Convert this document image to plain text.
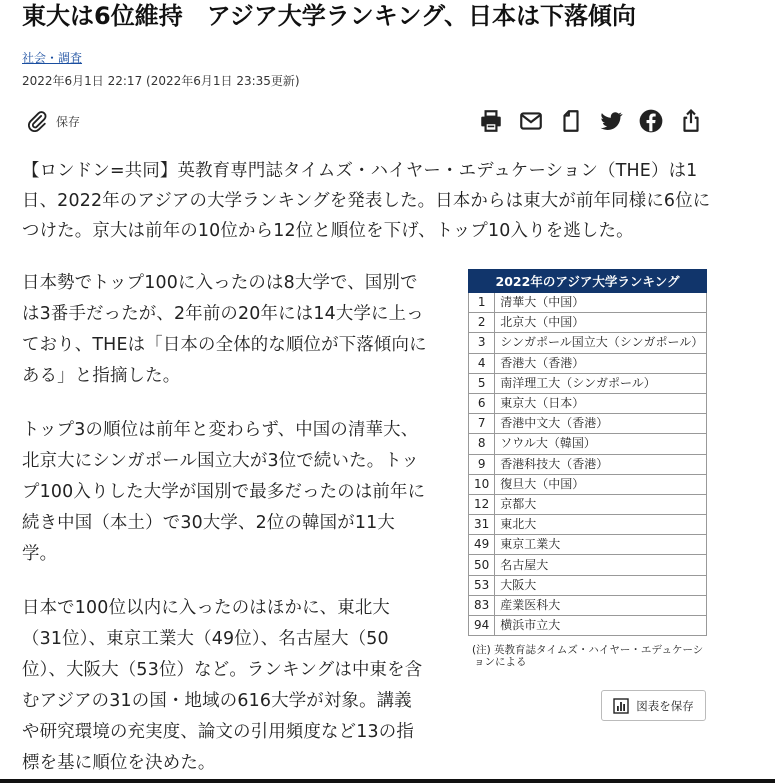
東大は6位維持　アジア大学ランキング、日本は下落傾向
社会・調査
2022年6月1日 22:17 (2022年6月1日 23:35更新)
保存

【ロンドン=共同】英教育専門誌タイムズ・ハイヤー・エデュケーション（THE）は1日、2022年のアジアの大学ランキングを発表した。日本からは東大が前年同様に6位につけた。京大は前年の10位から12位と順位を下げ、トップ10入りを逃した。

日本勢でトップ100に入ったのは8大学で、国別では3番手だったが、2年前の20年には14大学に上っており、THEは「日本の全体的な順位が下落傾向にある」と指摘した。

トップ3の順位は前年と変わらず、中国の清華大、北京大にシンガポール国立大が3位で続いた。トップ100入りした大学が国別で最多だったのは前年に続き中国（本土）で30大学、2位の韓国が11大学。

日本で100位以内に入ったのはほかに、東北大（31位）、東京工業大（49位）、名古屋大（50位）、大阪大（53位）など。ランキングは中東を含むアジアの31の国・地域の616大学が対象。講義や研究環境の充実度、論文の引用頻度など13の指標を基に順位を決めた。

2022年のアジア大学ランキング	
1	清華大（中国）
2	北京大（中国）
3	シンガポール国立大（シンガポール）
4	香港大（香港）
5	南洋理工大（シンガポール）
6	東京大（日本）
7	香港中文大（香港）
8	ソウル大（韓国）
9	香港科技大（香港）
10	復旦大（中国）
12	京都大
31	東北大
49	東京工業大
50	名古屋大
53	大阪大
83	産業医科大
94	横浜市立大
(注) 英教育誌タイムズ・ハイヤー・エデュケーションによる
図表を保存
